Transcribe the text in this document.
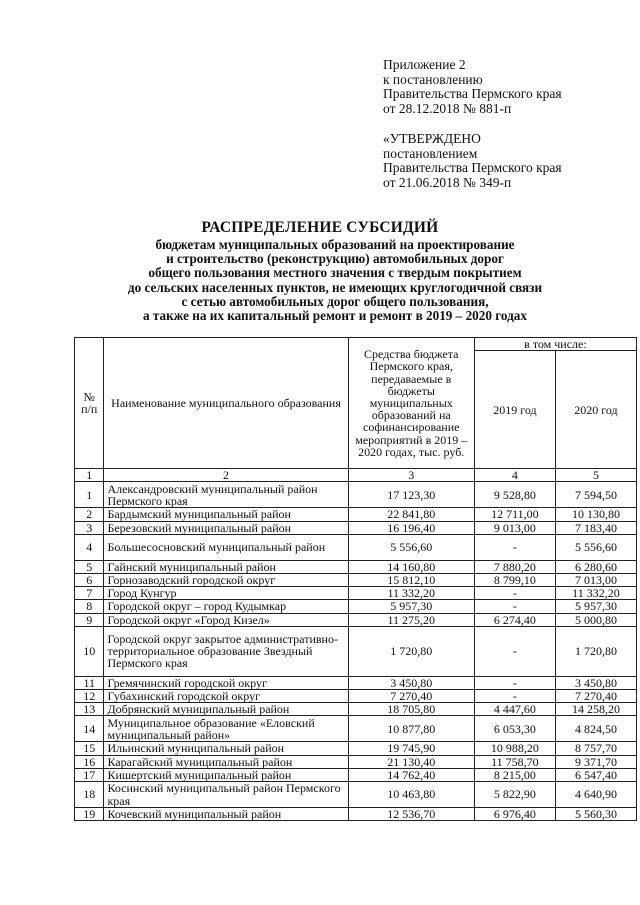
Приложение 2
к постановлению
Правительства Пермского края
от 28.12.2018 № 881-п
«УТВЕРЖДЕНО
постановлением
Правительства Пермского края
от 21.06.2018 № 349-п
РАСПРЕДЕЛЕНИЕ СУБСИДИЙ
бюджетам муниципальных образований на проектирование
и строительство (реконструкцию) автомобильных дорог
общего пользования местного значения с твердым покрытием
до сельских населенных пунктов, не имеющих круглогодичной связи
с сетью автомобильных дорог общего пользования,
а также на их капитальный ремонт и ремонт в 2019 – 2020 годах
№ п/п	Наименование муниципального образования	Средства бюджета Пермского края, передаваемые в бюджеты муниципальных образований на софинансирование мероприятий в 2019 – 2020 годах, тыс. руб.	в том числе:	
			2019 год	2020 год
1	2	3	4	5
1	Александровский муниципальный район Пермского края	17 123,30	9 528,80	7 594,50
2	Бардымский муниципальный район	22 841,80	12 711,00	10 130,80
3	Березовский муниципальный район	16 196,40	9 013,00	7 183,40
4	Большесосновский муниципальный район	5 556,60	-	5 556,60
5	Гайнский муниципальный район	14 160,80	7 880,20	6 280,60
6	Горнозаводский городской округ	15 812,10	8 799,10	7 013,00
7	Город Кунгур	11 332,20	-	11 332,20
8	Городской округ – город Кудымкар	5 957,30	-	5 957,30
9	Городской округ «Город Кизел»	11 275,20	6 274,40	5 000,80
10	Городской округ закрытое административно-территориальное образование Звездный Пермского края	1 720,80	-	1 720,80
11	Гремячинский городской округ	3 450,80	-	3 450,80
12	Губахинский городской округ	7 270,40	-	7 270,40
13	Добрянский муниципальный район	18 705,80	4 447,60	14 258,20
14	Муниципальное образование «Еловский муниципальный район»	10 877,80	6 053,30	4 824,50
15	Ильинский муниципальный район	19 745,90	10 988,20	8 757,70
16	Карагайский муниципальный район	21 130,40	11 758,70	9 371,70
17	Кишертский муниципальный район	14 762,40	8 215,00	6 547,40
18	Косинский муниципальный район Пермского края	10 463,80	5 822,90	4 640,90
19	Кочевский муниципальный район	12 536,70	6 976,40	5 560,30
